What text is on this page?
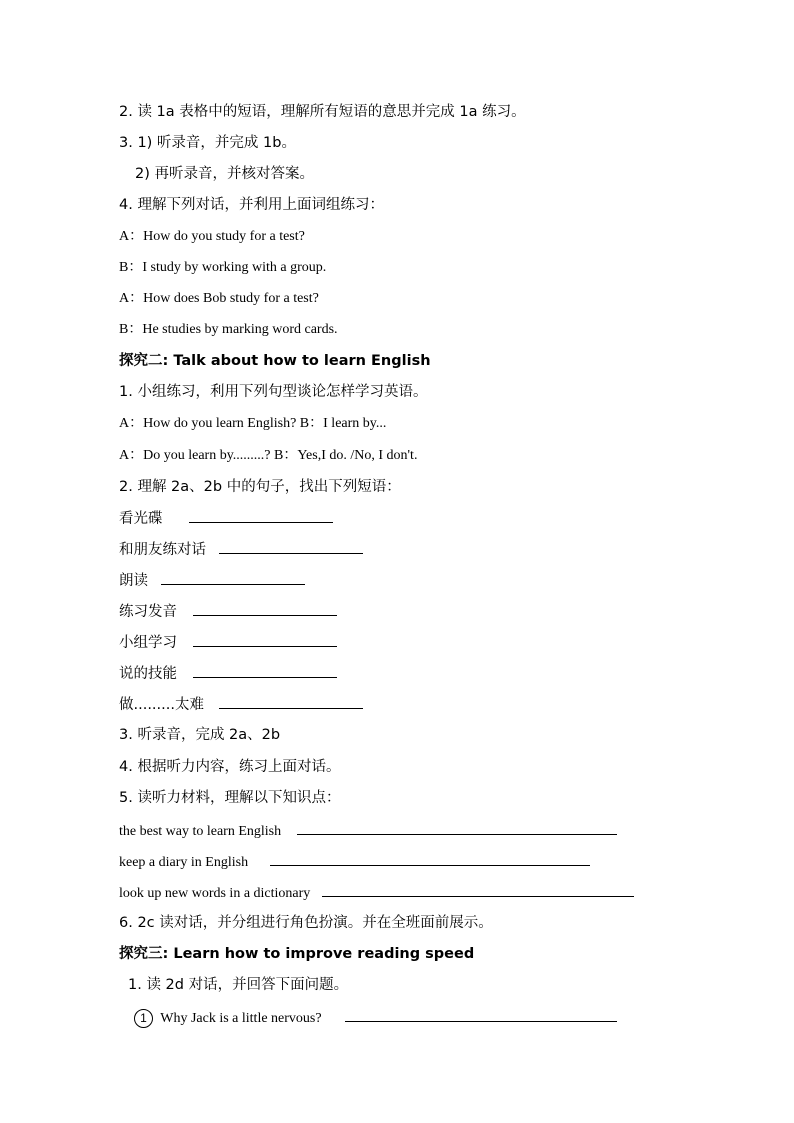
2. 读 1a 表格中的短语，理解所有短语的意思并完成 1a 练习。
3. 1) 听录音，并完成 1b。
2) 再听录音，并核对答案。
4. 理解下列对话，并利用上面词组练习：
A：How do you study for a test?
B：I study by working with a group.
A：How does Bob study for a test?
B：He studies by marking word cards.
探究二: Talk about how to learn English
1. 小组练习，利用下列句型谈论怎样学习英语。
A：How do you learn English? B：I learn by...
A：Do you learn by.........? B：Yes,I do. /No, I don't.
2. 理解 2a、2b 中的句子，找出下列短语：
看光碟
和朋友练对话
朗读
练习发音
小组学习
说的技能
做.........太难
3. 听录音，完成 2a、2b
4. 根据听力内容，练习上面对话。
5. 读听力材料，理解以下知识点：
the best way to learn English
keep a diary in English
look up new words in a dictionary
6. 2c 读对话，并分组进行角色扮演。并在全班面前展示。
探究三: Learn how to improve reading speed
1. 读 2d 对话，并回答下面问题。
1 Why Jack is a little nervous?
